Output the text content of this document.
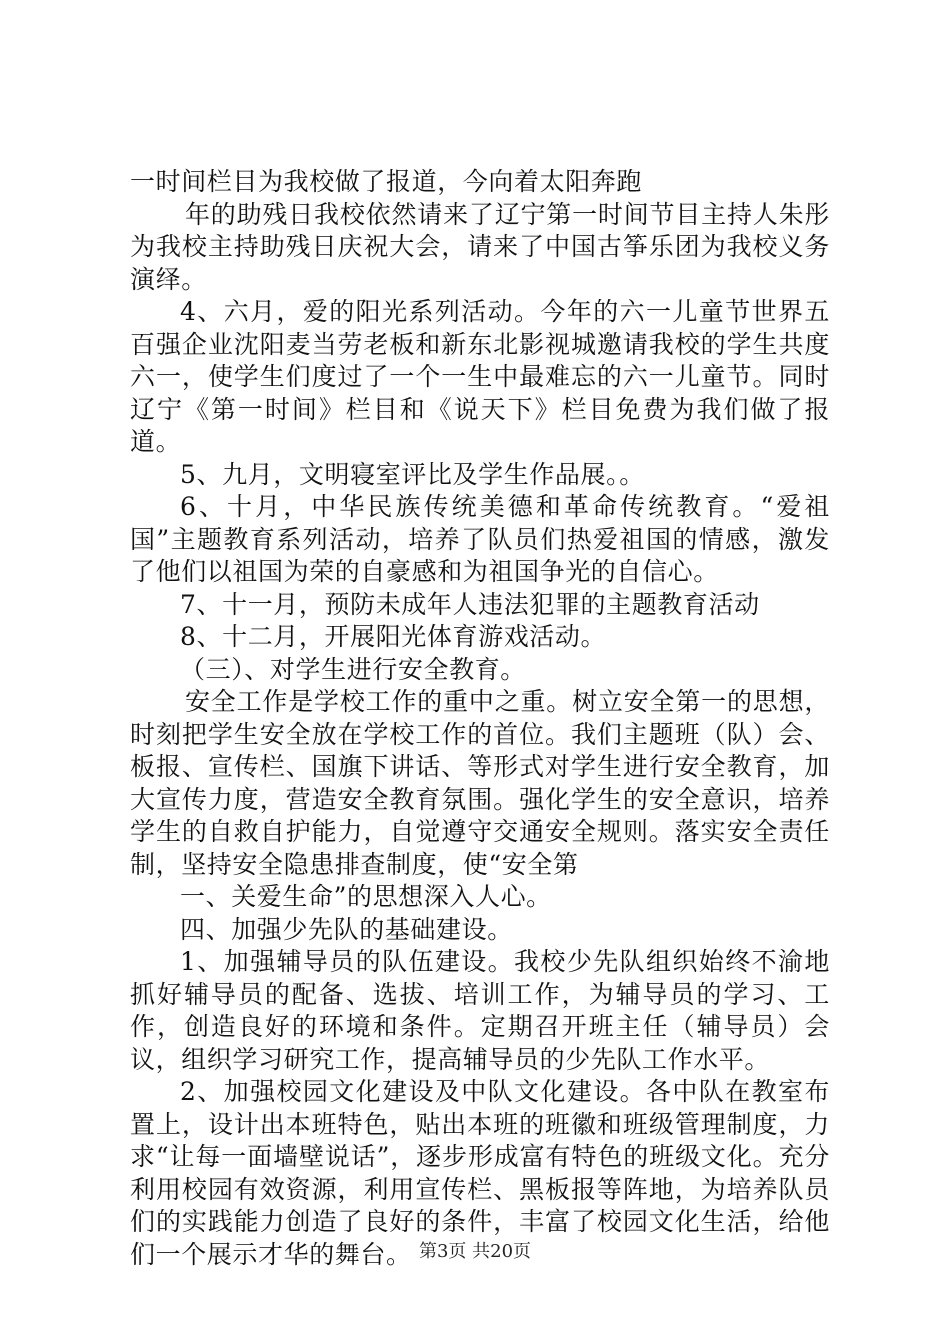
一时间栏目为我校做了报道，今向着太阳奔跑

年的助残日我校依然请来了辽宁第一时间节目主持人朱彤为我校主持助残日庆祝大会，请来了中国古筝乐团为我校义务演绎。

4、六月，爱的阳光系列活动。今年的六一儿童节世界五百强企业沈阳麦当劳老板和新东北影视城邀请我校的学生共度六一，使学生们度过了一个一生中最难忘的六一儿童节。同时辽宁《第一时间》栏目和《说天下》栏目免费为我们做了报道。

5、九月，文明寝室评比及学生作品展。。

6、十月，中华民族传统美德和革命传统教育。“爱祖国”主题教育系列活动，培养了队员们热爱祖国的情感，激发了他们以祖国为荣的自豪感和为祖国争光的自信心。

7、十一月，预防未成年人违法犯罪的主题教育活动

8、十二月，开展阳光体育游戏活动。

（三）、对学生进行安全教育。

安全工作是学校工作的重中之重。树立安全第一的思想，时刻把学生安全放在学校工作的首位。我们主题班（队）会、板报、宣传栏、国旗下讲话、等形式对学生进行安全教育，加大宣传力度，营造安全教育氛围。强化学生的安全意识，培养学生的自救自护能力，自觉遵守交通安全规则。落实安全责任制，坚持安全隐患排查制度，使“安全第

一、关爱生命”的思想深入人心。

四、加强少先队的基础建设。

1、加强辅导员的队伍建设。我校少先队组织始终不渝地抓好辅导员的配备、选拔、培训工作，为辅导员的学习、工作，创造良好的环境和条件。定期召开班主任（辅导员）会议，组织学习研究工作，提高辅导员的少先队工作水平。

2、加强校园文化建设及中队文化建设。各中队在教室布置上，设计出本班特色，贴出本班的班徽和班级管理制度，力求“让每一面墙壁说话”，逐步形成富有特色的班级文化。充分利用校园有效资源，利用宣传栏、黑板报等阵地，为培养队员们的实践能力创造了良好的条件，丰富了校园文化生活，给他们一个展示才华的舞台。 第3页 共20页
